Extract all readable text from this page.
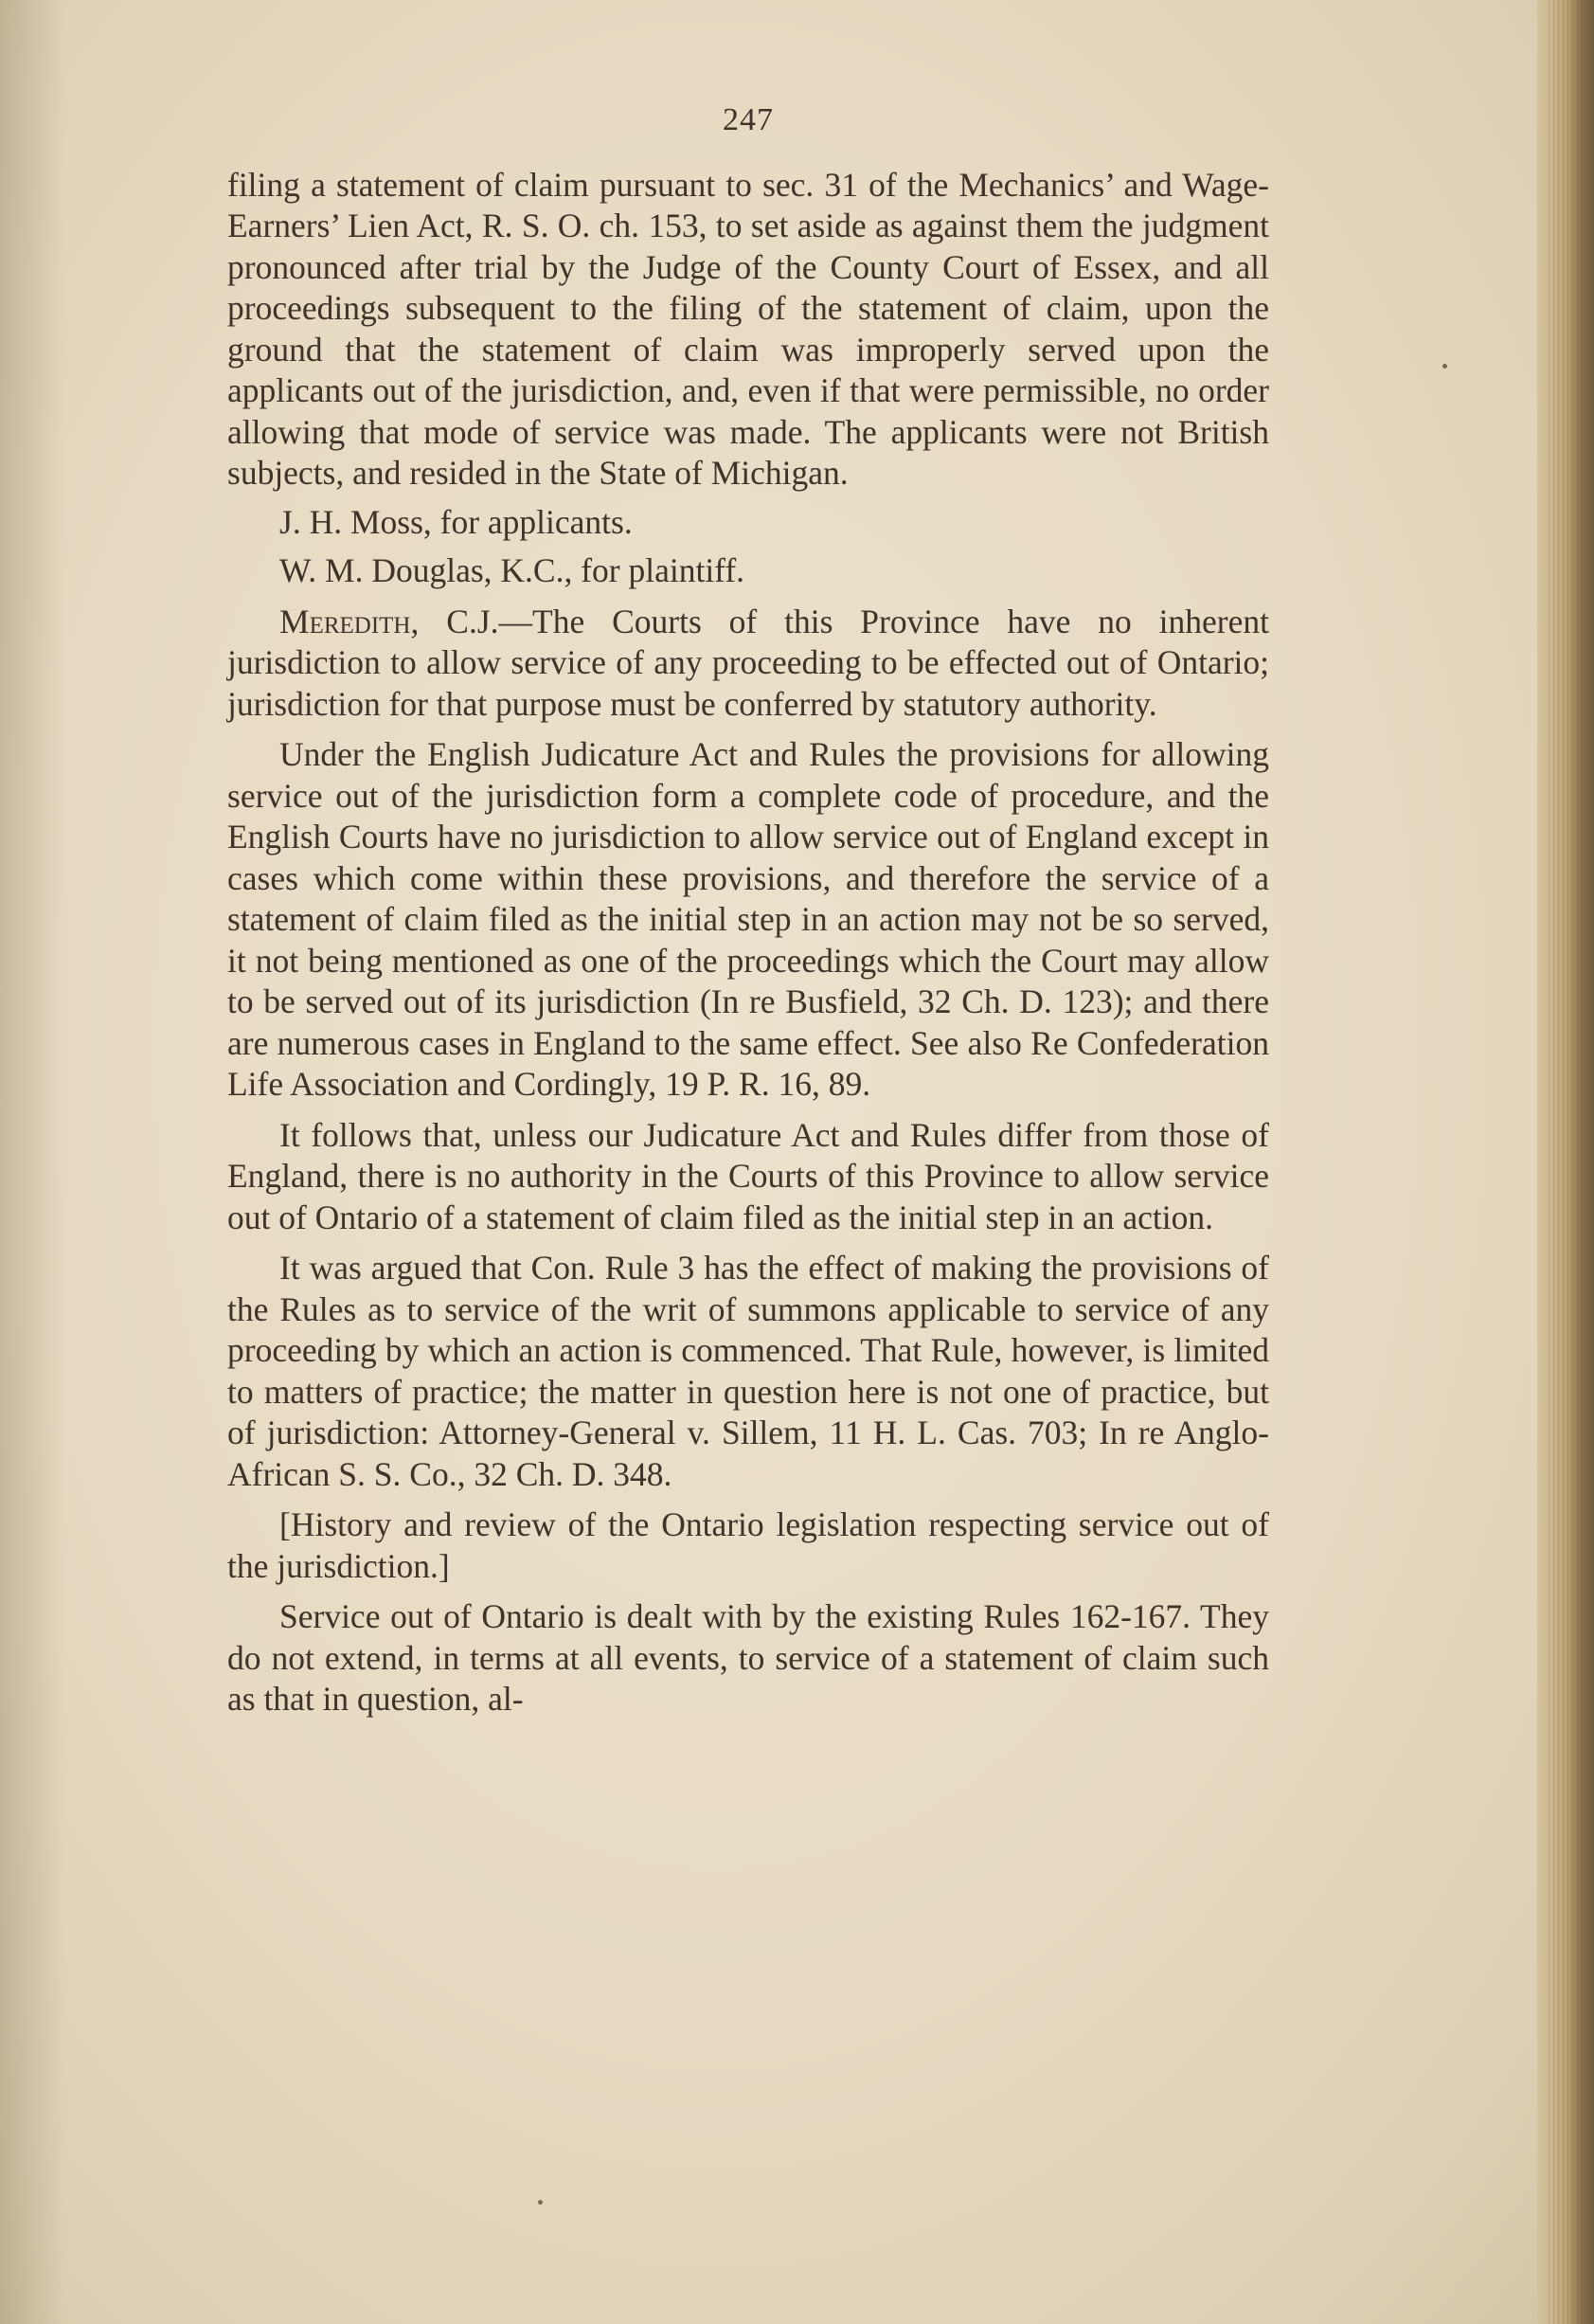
247

filing a statement of claim pursuant to sec. 31 of the Mechanics’ and Wage-Earners’ Lien Act, R. S. O. ch. 153, to set aside as against them the judgment pronounced after trial by the Judge of the County Court of Essex, and all proceedings subsequent to the filing of the statement of claim, upon the ground that the statement of claim was improperly served upon the applicants out of the jurisdiction, and, even if that were permissible, no order allowing that mode of service was made. The applicants were not British subjects, and resided in the State of Michigan.

J. H. Moss, for applicants.

W. M. Douglas, K.C., for plaintiff.

Meredith, C.J.—The Courts of this Province have no inherent jurisdiction to allow service of any proceeding to be effected out of Ontario; jurisdiction for that purpose must be conferred by statutory authority.

Under the English Judicature Act and Rules the provisions for allowing service out of the jurisdiction form a complete code of procedure, and the English Courts have no jurisdiction to allow service out of England except in cases which come within these provisions, and therefore the service of a statement of claim filed as the initial step in an action may not be so served, it not being mentioned as one of the proceedings which the Court may allow to be served out of its jurisdiction (In re Busfield, 32 Ch. D. 123); and there are numerous cases in England to the same effect. See also Re Confederation Life Association and Cordingly, 19 P. R. 16, 89.

It follows that, unless our Judicature Act and Rules differ from those of England, there is no authority in the Courts of this Province to allow service out of Ontario of a statement of claim filed as the initial step in an action.

It was argued that Con. Rule 3 has the effect of making the provisions of the Rules as to service of the writ of summons applicable to service of any proceeding by which an action is commenced. That Rule, however, is limited to matters of practice; the matter in question here is not one of practice, but of jurisdiction: Attorney-General v. Sillem, 11 H. L. Cas. 703; In re Anglo-African S. S. Co., 32 Ch. D. 348.

[History and review of the Ontario legislation respecting service out of the jurisdiction.]

Service out of Ontario is dealt with by the existing Rules 162-167. They do not extend, in terms at all events, to service of a statement of claim such as that in question, al-
